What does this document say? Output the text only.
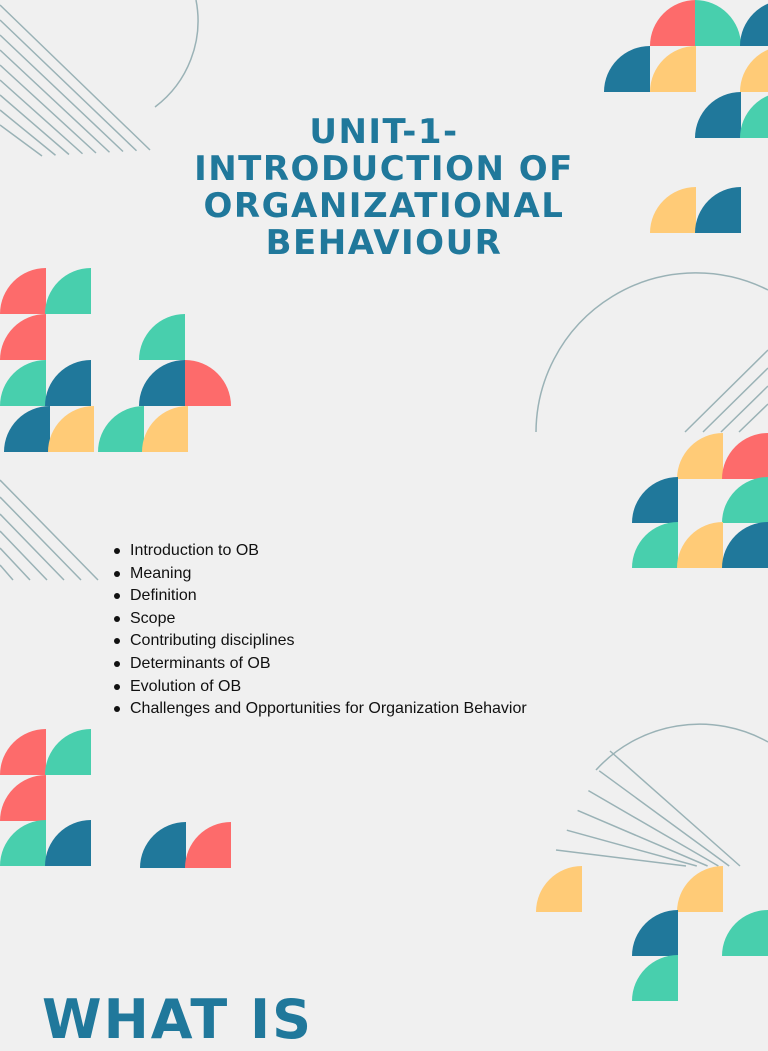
UNIT-1-
INTRODUCTION OF
ORGANIZATIONAL
BEHAVIOUR
Introduction to OB
Meaning
Definition
Scope
Contributing disciplines
Determinants of OB
Evolution of OB
Challenges and Opportunities for Organization Behavior
WHAT IS
